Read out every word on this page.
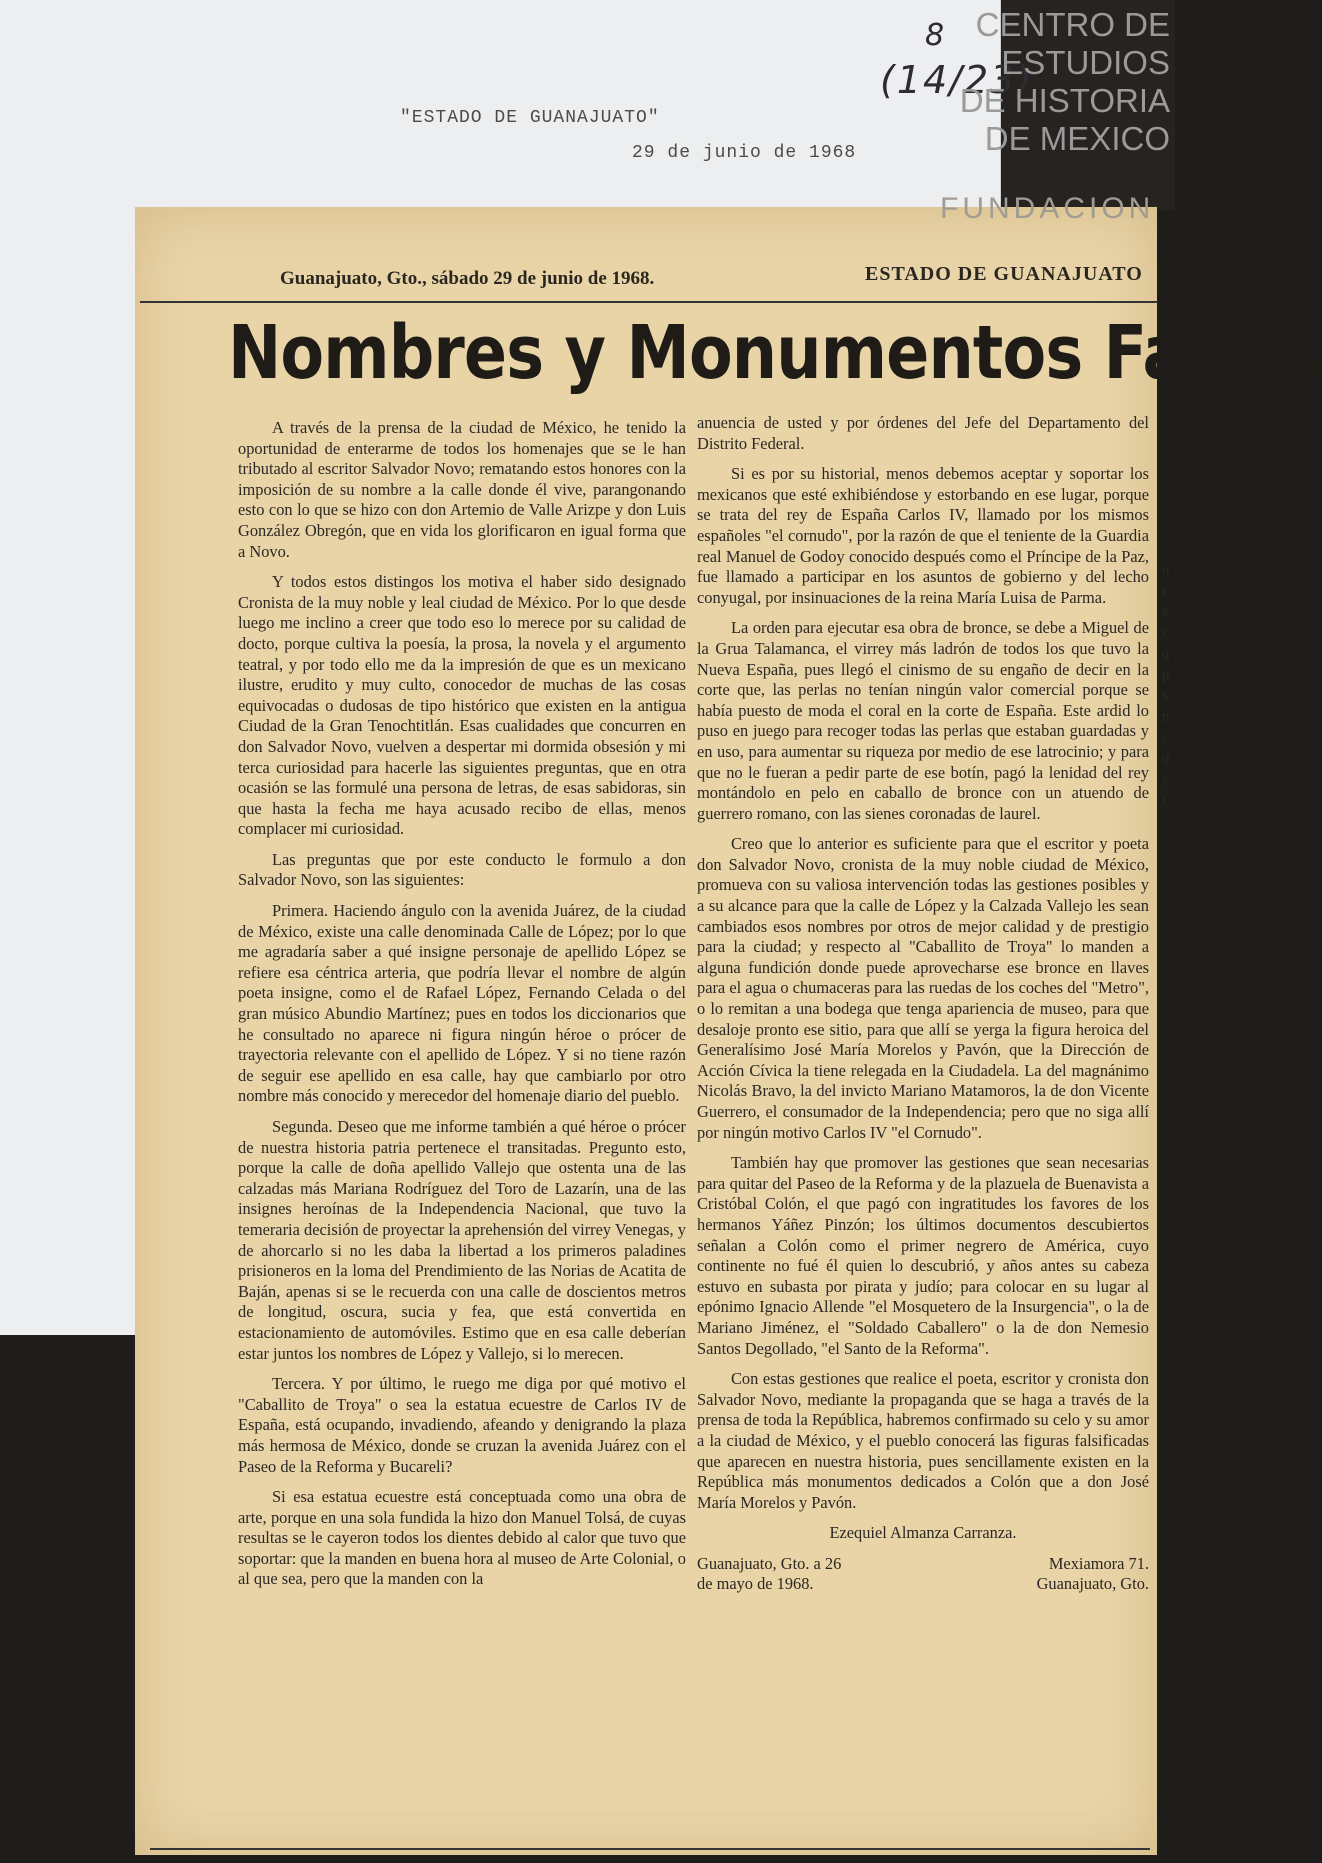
"ESTADO DE GUANAJUATO"
29 de junio de 1968
8
(14/23)
CENTRO DE
ESTUDIOS
DE HISTORIA
DE MEXICO
FUNDACION
Guanajuato, Gto., sábado 29 de junio de 1968.	ESTADO DE GUANAJUATO
Nombres y Monumentos Falsos

A través de la prensa de la ciudad de México, he tenido la oportunidad de enterarme de todos los homenajes que se le han tributado al escritor Salvador Novo; rematando estos honores con la imposición de su nombre a la calle donde él vive, parangonando esto con lo que se hizo con don Artemio de Valle Arizpe y don Luis González Obregón, que en vida los glorificaron en igual forma que a Novo.

Y todos estos distingos los motiva el haber sido designado Cronista de la muy noble y leal ciudad de México. Por lo que desde luego me inclino a creer que todo eso lo merece por su calidad de docto, porque cultiva la poesía, la prosa, la novela y el argumento teatral, y por todo ello me da la impresión de que es un mexicano ilustre, erudito y muy culto, conocedor de muchas de las cosas equivocadas o dudosas de tipo histórico que existen en la antigua Ciudad de la Gran Tenochtitlán. Esas cualidades que concurren en don Salvador Novo, vuelven a despertar mi dormida obsesión y mi terca curiosidad para hacerle las siguientes preguntas, que en otra ocasión se las formulé una persona de letras, de esas sabidoras, sin que hasta la fecha me haya acusado recibo de ellas, menos complacer mi curiosidad.

Las preguntas que por este conducto le formulo a don Salvador Novo, son las siguientes:

Primera. Haciendo ángulo con la avenida Juárez, de la ciudad de México, existe una calle denominada Calle de López; por lo que me agradaría saber a qué insigne personaje de apellido López se refiere esa céntrica arteria, que podría llevar el nombre de algún poeta insigne, como el de Rafael López, Fernando Celada o del gran músico Abundio Martínez; pues en todos los diccionarios que he consultado no aparece ni figura ningún héroe o prócer de trayectoria relevante con el apellido de López. Y si no tiene razón de seguir ese apellido en esa calle, hay que cambiarlo por otro nombre más conocido y merecedor del homenaje diario del pueblo.

Segunda. Deseo que me informe también a qué héroe o prócer de nuestra historia patria pertenece el transitadas. Pregunto esto, porque la calle de doña apellido Vallejo que ostenta una de las calzadas más Mariana Rodríguez del Toro de Lazarín, una de las insignes heroínas de la Independencia Nacional, que tuvo la temeraria decisión de proyectar la aprehensión del virrey Venegas, y de ahorcarlo si no les daba la libertad a los primeros paladines prisioneros en la loma del Prendimiento de las Norias de Acatita de Baján, apenas si se le recuerda con una calle de doscientos metros de longitud, oscura, sucia y fea, que está convertida en estacionamiento de automóviles. Estimo que en esa calle deberían estar juntos los nombres de López y Vallejo, si lo merecen.

Tercera. Y por último, le ruego me diga por qué motivo el "Caballito de Troya" o sea la estatua ecuestre de Carlos IV de España, está ocupando, invadiendo, afeando y denigrando la plaza más hermosa de México, donde se cruzan la avenida Juárez con el Paseo de la Reforma y Bucareli?

Si esa estatua ecuestre está conceptuada como una obra de arte, porque en una sola fundida la hizo don Manuel Tolsá, de cuyas resultas se le cayeron todos los dientes debido al calor que tuvo que soportar: que la manden en buena hora al museo de Arte Colonial, o al que sea, pero que la manden con la

anuencia de usted y por órdenes del Jefe del Departamento del Distrito Federal.

Si es por su historial, menos debemos aceptar y soportar los mexicanos que esté exhibiéndose y estorbando en ese lugar, porque se trata del rey de España Carlos IV, llamado por los mismos españoles "el cornudo", por la razón de que el teniente de la Guardia real Manuel de Godoy conocido después como el Príncipe de la Paz, fue llamado a participar en los asuntos de gobierno y del lecho conyugal, por insinuaciones de la reina María Luisa de Parma.

La orden para ejecutar esa obra de bronce, se debe a Miguel de la Grua Talamanca, el virrey más ladrón de todos los que tuvo la Nueva España, pues llegó el cinismo de su engaño de decir en la corte que, las perlas no tenían ningún valor comercial porque se había puesto de moda el coral en la corte de España. Este ardid lo puso en juego para recoger todas las perlas que estaban guardadas y en uso, para aumentar su riqueza por medio de ese latrocinio; y para que no le fueran a pedir parte de ese botín, pagó la lenidad del rey montándolo en pelo en caballo de bronce con un atuendo de guerrero romano, con las sienes coronadas de laurel.

Creo que lo anterior es suficiente para que el escritor y poeta don Salvador Novo, cronista de la muy noble ciudad de México, promueva con su valiosa intervención todas las gestiones posibles y a su alcance para que la calle de López y la Calzada Vallejo les sean cambiados esos nombres por otros de mejor calidad y de prestigio para la ciudad; y respecto al "Caballito de Troya" lo manden a alguna fundición donde puede aprovecharse ese bronce en llaves para el agua o chumaceras para las ruedas de los coches del "Metro", o lo remitan a una bodega que tenga apariencia de museo, para que desaloje pronto ese sitio, para que allí se yerga la figura heroica del Generalísimo José María Morelos y Pavón, que la Dirección de Acción Cívica la tiene relegada en la Ciudadela. La del magnánimo Nicolás Bravo, la del invicto Mariano Matamoros, la de don Vicente Guerrero, el consumador de la Independencia; pero que no siga allí por ningún motivo Carlos IV "el Cornudo".

También hay que promover las gestiones que sean necesarias para quitar del Paseo de la Reforma y de la plazuela de Buenavista a Cristóbal Colón, el que pagó con ingratitudes los favores de los hermanos Yáñez Pinzón; los últimos documentos descubiertos señalan a Colón como el primer negrero de América, cuyo continente no fué él quien lo descubrió, y años antes su cabeza estuvo en subasta por pirata y judío; para colocar en su lugar al epónimo Ignacio Allende "el Mosquetero de la Insurgencia", o la de Mariano Jiménez, el "Soldado Caballero" o la de don Nemesio Santos Degollado, "el Santo de la Reforma".

Con estas gestiones que realice el poeta, escritor y cronista don Salvador Novo, mediante la propaganda que se haga a través de la prensa de toda la República, habremos confirmado su celo y su amor a la ciudad de México, y el pueblo conocerá las figuras falsificadas que aparecen en nuestra historia, pues sencillamente existen en la República más monumentos dedicados a Colón que a don José María Morelos y Pavón.

Ezequiel Almanza Carranza.

Guanajuato, Gto. a 26
de mayo de 1968.
Mexiamora 71.
Guanajuato, Gto.
u t e c q p s n c d y l
